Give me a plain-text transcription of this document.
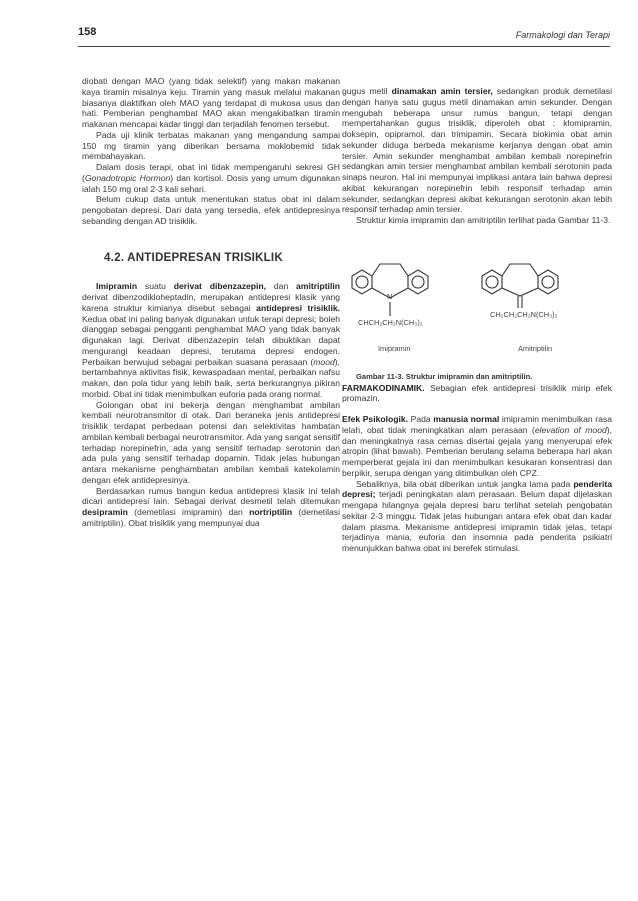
158	Farmakologi dan Terapi

diobati dengan MAO (yang tidak selektif) yang makan makanan kaya tiramin misalnya keju. Tiramin yang masuk melalui makanan biasanya diaktifkan oleh MAO yang terdapat di mukosa usus dan hati. Pemberian penghambat MAO akan mengakibatkan tiramin makanan mencapai kadar tinggi dan terjadilah fenomen tersebut.

Pada uji klinik terbatas makanan yang mengandung sampai 150 mg tiramin yang diberikan bersama moklobemid tidak membahayakan.

Dalam dosis terapi, obat ini tidak mempengaruhi sekresi GH (Gonadotropic Hormon) dan kortisol. Dosis yang umum digunakan ialah 150 mg oral 2-3 kali sehari.

Belum cukup data untuk menentukan status obat ini dalam pengobatan depresi. Dari data yang tersedia, efek antidepresinya sebanding dengan AD trisiklik.

4.2. ANTIDEPRESAN TRISIKLIK

Imipramin suatu derivat dibenzazepin, dan amitriptilin derivat dibenzodikloheptadin, merupakan antidepresi klasik yang karena struktur kimianya disebut sebagai antidepresi trisiklik. Kedua obat ini paling banyak digunakan untuk terapi depresi; boleh dianggap sebagai pengganti penghambat MAO yang tidak banyak digunakan lagi. Derivat dibenzazepin telah dibuktikan dapat mengurangi keadaan depresi, terutama depresi endogen. Perbaikan berwujud sebagai perbaikan suasana perasaan (mood), bertambahnya aktivitas fisik, kewaspadaan mental, perbaikan nafsu makan, dan pola tidur yang lebih baik, serta berkurangnya pikiran morbid. Obat ini tidak menimbulkan euforia pada orang normal.

Golongan obat ini bekerja dengan menghambat ambilan kembali neurotransmitor di otak. Dari beraneka jenis antidepresi trisiklik terdapat perbedaan potensi dan selektivitas hambatan ambilan kembali berbagai neurotransmitor. Ada yang sangat sensitif terhadap norepinefrin, ada yang sensitif terhadap serotonin dan ada pula yang sensitif terhadap dopamin. Tidak jelas hubungan antara mekanisme penghambatan ambilan kembali katekolamin dengan efek antidepresinya.

Berdasarkan rumus bangun kedua antidepresi klasik ini telah dicari antidepresi lain. Sebagai derivat desmetil telah ditemukan desipramin (demetilasi imipramin) dan nortriptilin (demetilasi amitriptilin). Obat trisiklik yang mempunyai dua

gugus metil dinamakan amin tersier, sedangkan produk demetilasi dengan hanya satu gugus metil dinamakan amin sekunder. Dengan mengubah beberapa unsur rumus bangun, tetapi dengan mempertahankan gugus trisiklik, diperoleh obat : klomipramin, doksepin, opipramol, dan trimipamin. Secara biokimia obat amin sekunder diduga berbeda mekanisme kerjanya dengan obat amin tersier. Amin sekunder menghambat ambilan kembali norepinefrin sedangkan amin tersier menghambat ambilan kembali serotonin pada sinaps neuron. Hal ini mempunyai implikasi antara lain bahwa depresi akibat kekurangan norepinefrin lebih responsif terhadap amin sekunder, sedangkan depresi akibat kekurangan serotonin akan lebih responsif terhadap amin tersier.

Struktur kimia imipramin dan amitriptilin terlihat pada Gambar 11-3.

N
CHCH₂CH₂N(CH₃)₂
CH₂CH₂CH₂N(CH₃)₂
Imipramin	Amitriptilin

Gambar 11-3. Struktur imipramin dan amitriptilin.

FARMAKODINAMIK. Sebagian efek antidepresi trisiklik mirip efek promazin.

Efek Psikologik. Pada manusia normal imipramin menimbulkan rasa lelah, obat tidak meningkatkan alam perasaan (elevation of mood), dan meningkatnya rasa cemas disertai gejala yang menyerupai efek atropin (lihat bawah). Pemberian berulang selama beberapa hari akan memperberat gejala ini dan menimbulkan kesukaran konsentrasi dan berpikir, serupa dengan yang ditimbulkan oleh CPZ.

Sebaliknya, bila obat diberikan untuk jangka lama pada penderita depresi; terjadi peningkatan alam perasaan. Belum dapat dijelaskan mengapa hilangnya gejala depresi baru terlihat setelah pengobatan sekitar 2-3 minggu. Tidak jelas hubungan antara efek obat dan kadar dalam plasma. Mekanisme antidepresi imipramin tidak jelas, tetapi terjadinya mania, euforia dan insomnia pada penderita psikiatri menunjukkan bahwa obat ini berefek stimulasi.
